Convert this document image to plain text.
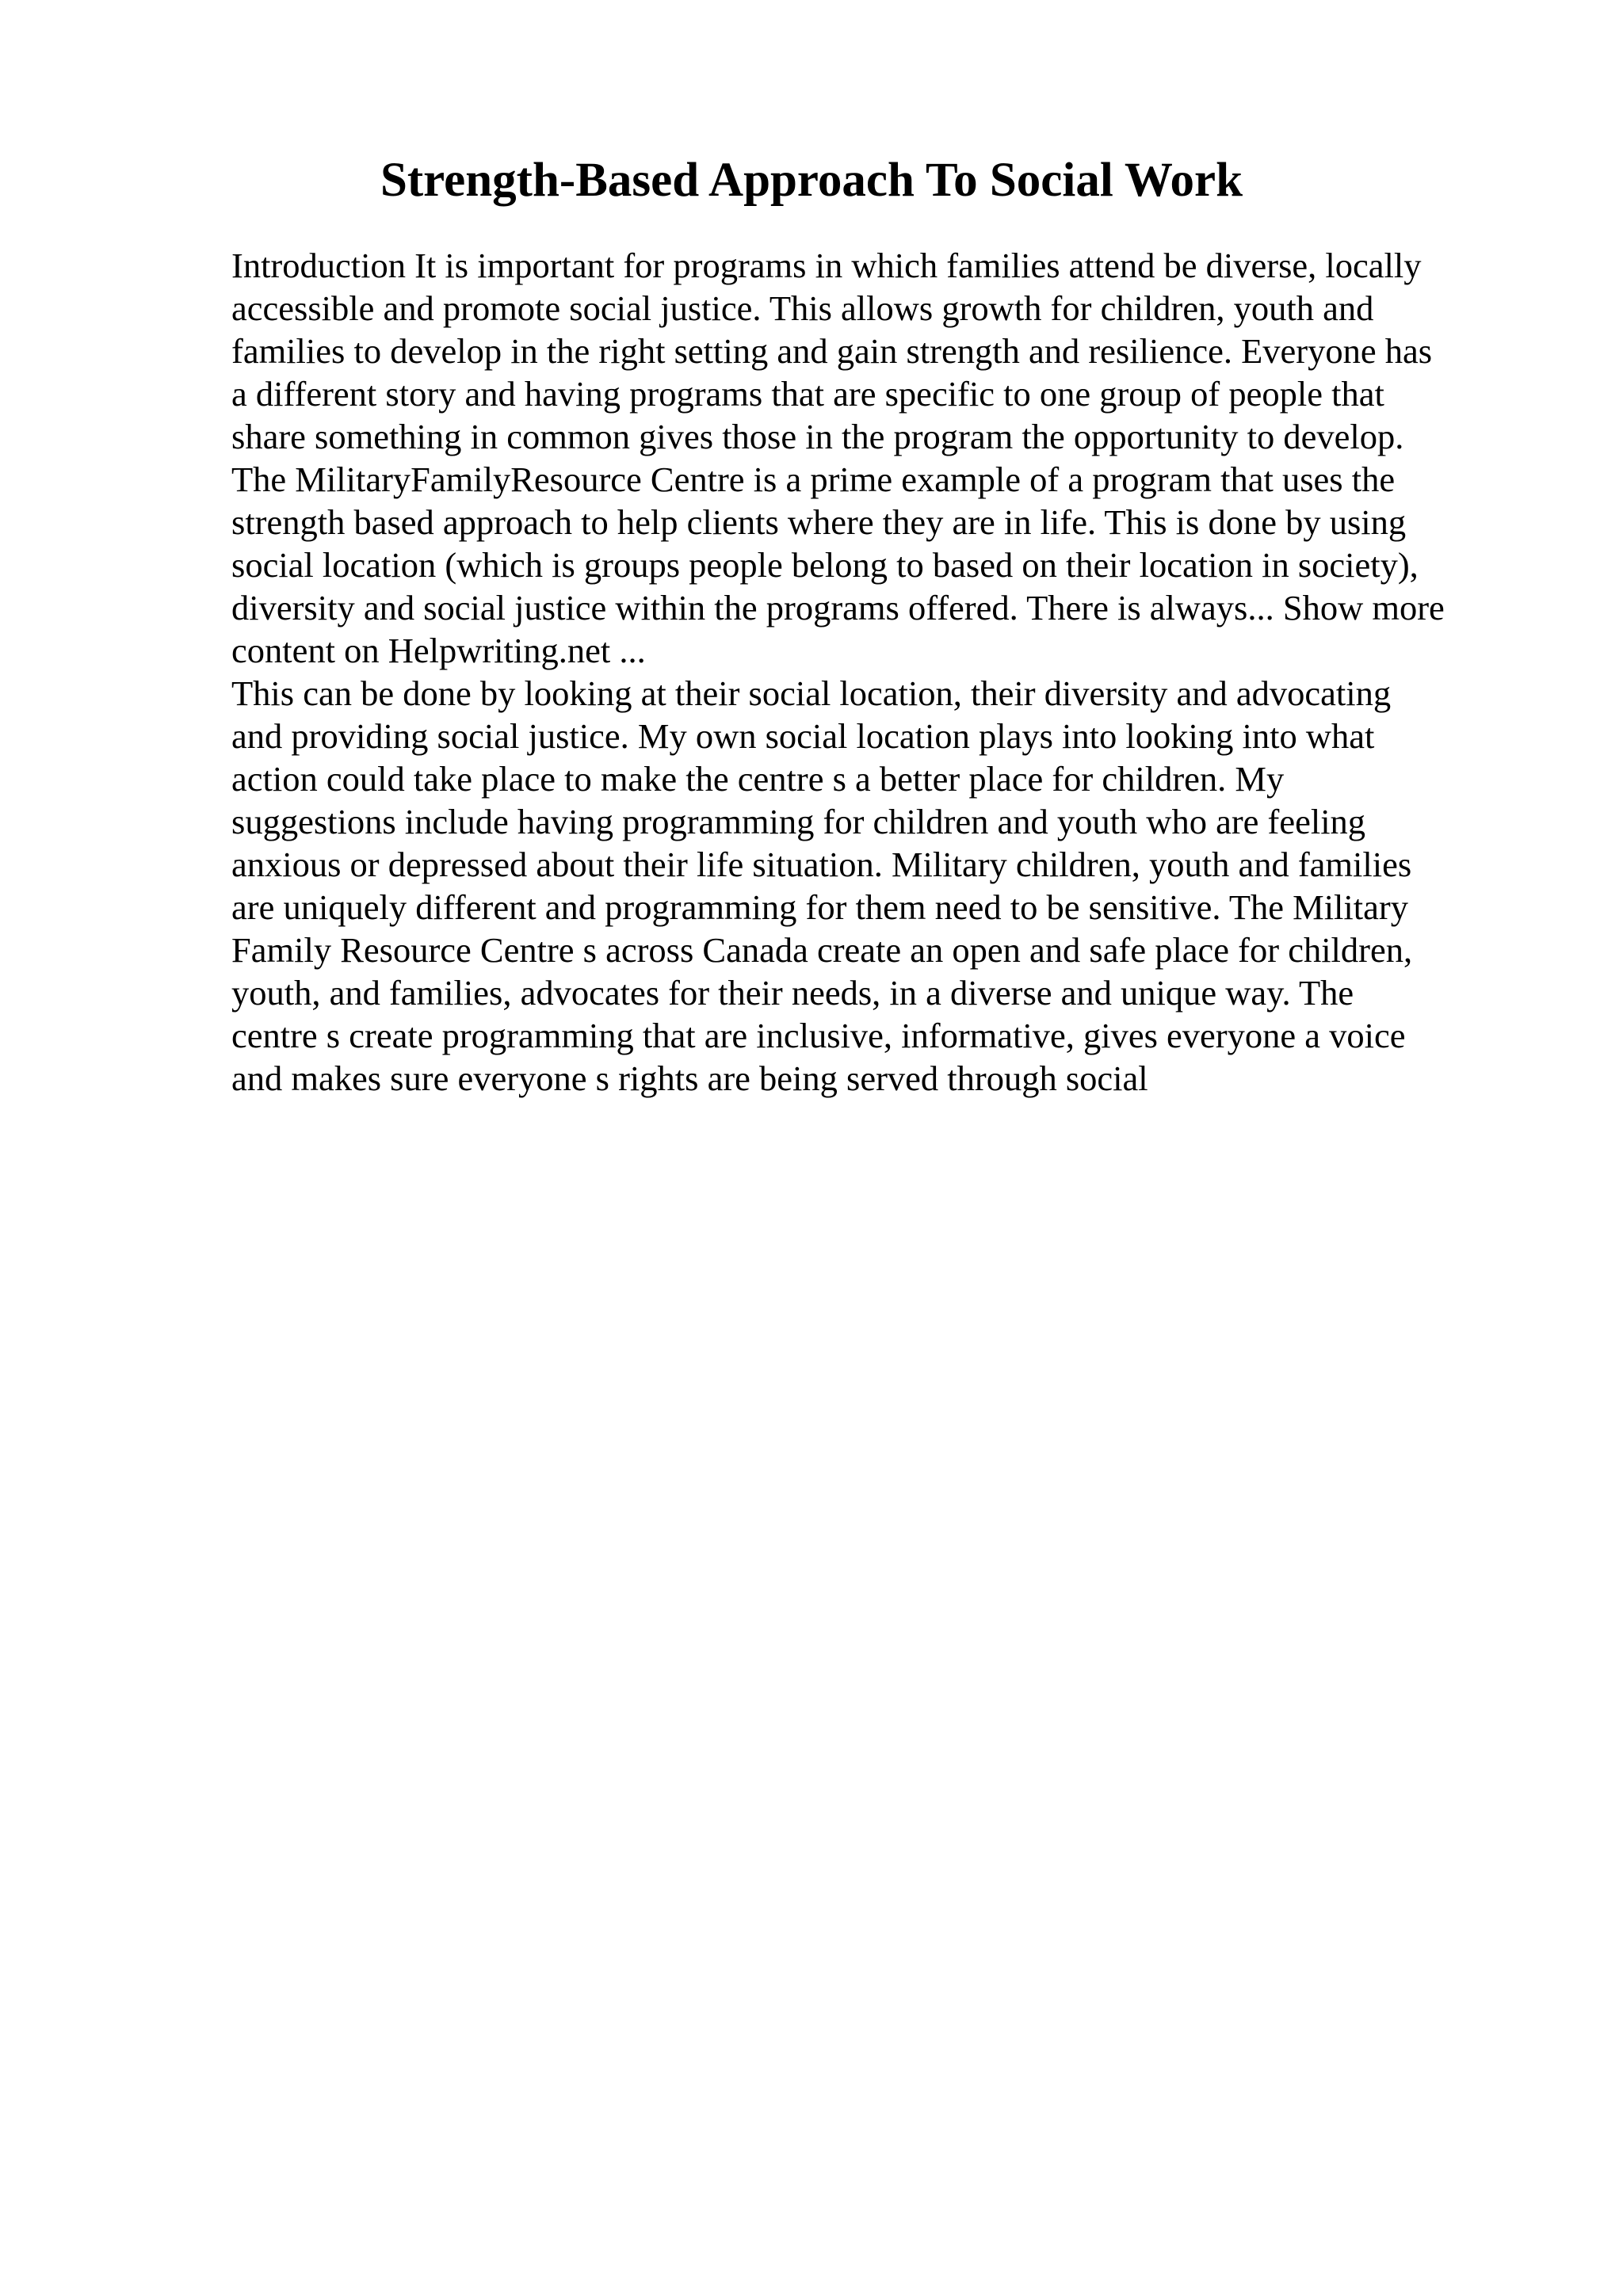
Strength-Based Approach To Social Work
Introduction It is important for programs in which families attend be diverse, locally
accessible and promote social justice. This allows growth for children, youth and
families to develop in the right setting and gain strength and resilience. Everyone has
a different story and having programs that are specific to one group of people that
share something in common gives those in the program the opportunity to develop.
The MilitaryFamilyResource Centre is a prime example of a program that uses the
strength based approach to help clients where they are in life. This is done by using
social location (which is groups people belong to based on their location in society),
diversity and social justice within the programs offered. There is always... Show more
content on Helpwriting.net ...
This can be done by looking at their social location, their diversity and advocating
and providing social justice. My own social location plays into looking into what
action could take place to make the centre s a better place for children. My
suggestions include having programming for children and youth who are feeling
anxious or depressed about their life situation. Military children, youth and families
are uniquely different and programming for them need to be sensitive. The Military
Family Resource Centre s across Canada create an open and safe place for children,
youth, and families, advocates for their needs, in a diverse and unique way. The
centre s create programming that are inclusive, informative, gives everyone a voice
and makes sure everyone s rights are being served through social
